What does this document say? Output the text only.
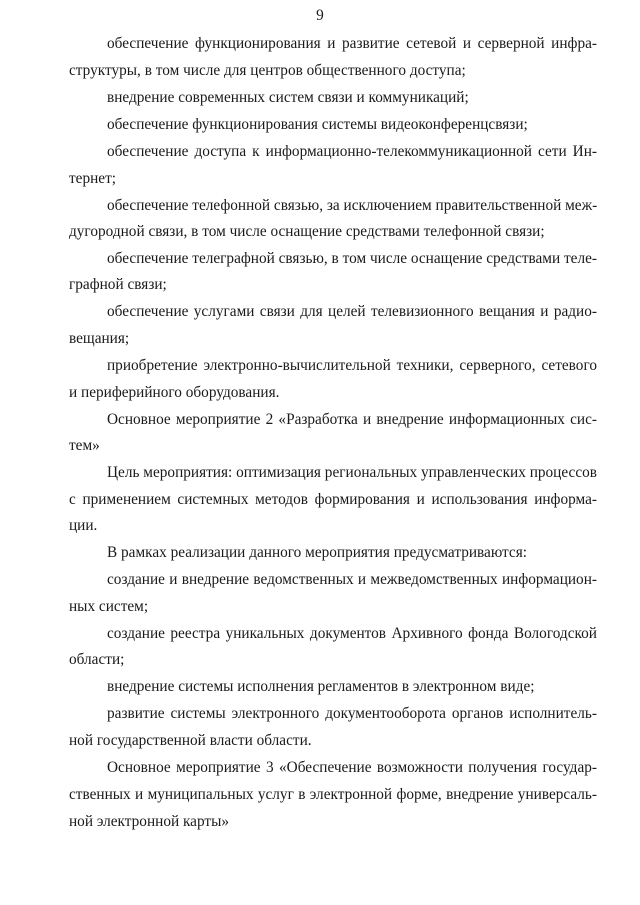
9
обеспечение функционирования и развитие сетевой и серверной инфра-
структуры, в том числе для центров общественного доступа;
внедрение современных систем связи и коммуникаций;
обеспечение функционирования системы видеоконференцсвязи;
обеспечение доступа к информационно-телекоммуникационной сети Ин-
тернет;
обеспечение телефонной связью, за исключением правительственной меж-
дугородной связи, в том числе оснащение средствами телефонной связи;
обеспечение телеграфной связью, в том числе оснащение средствами теле-
графной связи;
обеспечение услугами связи для целей телевизионного вещания и радио-
вещания;
приобретение электронно-вычислительной техники, серверного, сетевого
и периферийного оборудования.
Основное мероприятие 2 «Разработка и внедрение информационных сис-
тем»
Цель мероприятия: оптимизация региональных управленческих процессов
с применением системных методов формирования и использования информа-
ции.
В рамках реализации данного мероприятия предусматриваются:
создание и внедрение ведомственных и межведомственных информацион-
ных систем;
создание реестра уникальных документов Архивного фонда Вологодской
области;
внедрение системы исполнения регламентов в электронном виде;
развитие системы электронного документооборота органов исполнитель-
ной государственной власти области.
Основное мероприятие 3 «Обеспечение возможности получения государ-
ственных и муниципальных услуг в электронной форме, внедрение универсаль-
ной электронной карты»
